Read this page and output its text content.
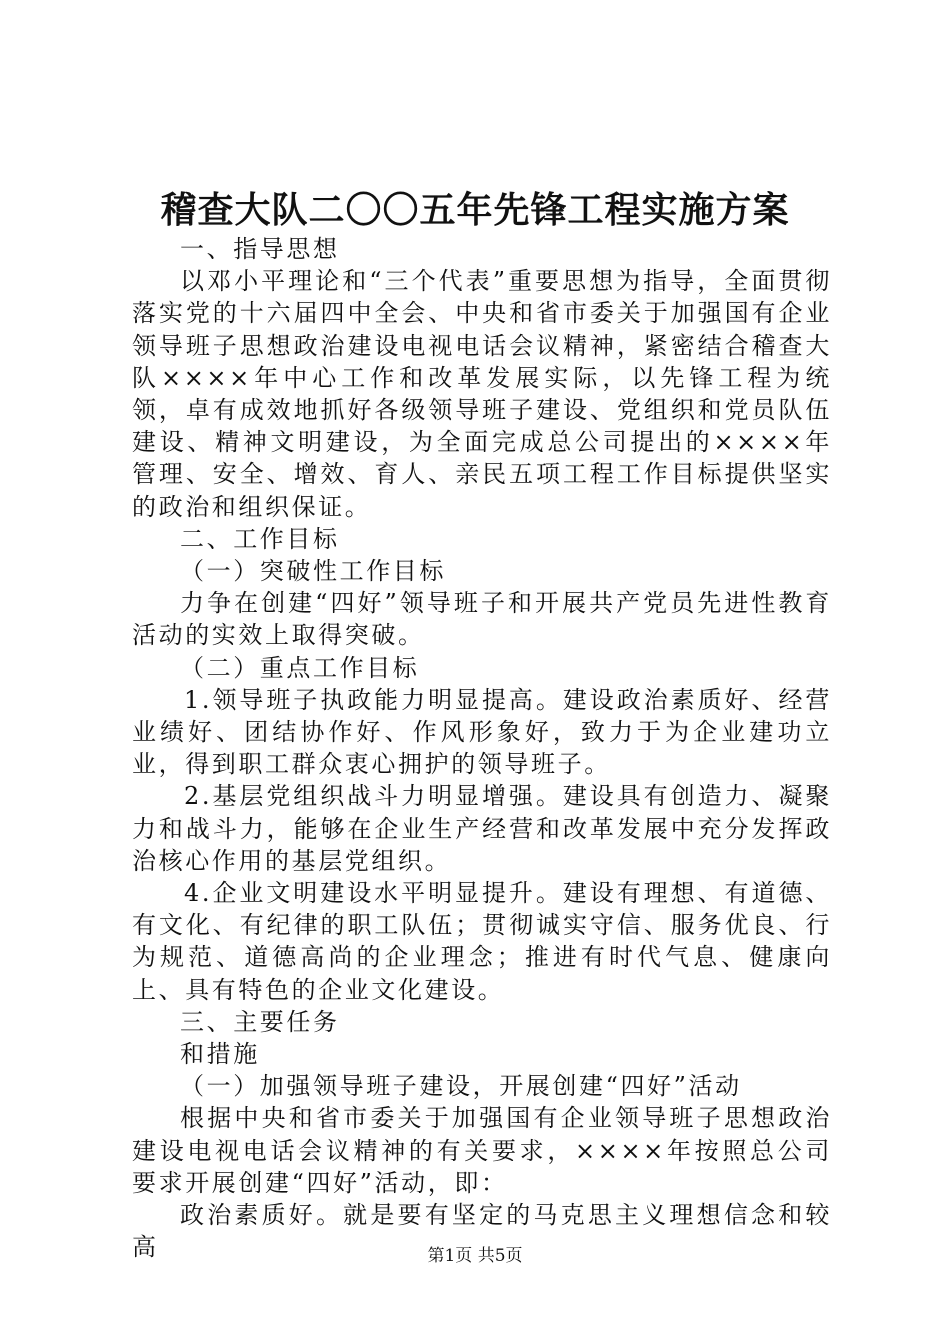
稽查大队二〇〇五年先锋工程实施方案

一、指导思想

以邓小平理论和“三个代表”重要思想为指导，全面贯彻落实党的十六届四中全会、中央和省市委关于加强国有企业领导班子思想政治建设电视电话会议精神，紧密结合稽查大队××××年中心工作和改革发展实际，以先锋工程为统领，卓有成效地抓好各级领导班子建设、党组织和党员队伍建设、精神文明建设，为全面完成总公司提出的××××年管理、安全、增效、育人、亲民五项工程工作目标提供坚实的政治和组织保证。

二、工作目标

（一）突破性工作目标

力争在创建“四好”领导班子和开展共产党员先进性教育活动的实效上取得突破。

（二）重点工作目标

1.领导班子执政能力明显提高。建设政治素质好、经营业绩好、团结协作好、作风形象好，致力于为企业建功立业，得到职工群众衷心拥护的领导班子。

2.基层党组织战斗力明显增强。建设具有创造力、凝聚力和战斗力，能够在企业生产经营和改革发展中充分发挥政治核心作用的基层党组织。

4.企业文明建设水平明显提升。建设有理想、有道德、有文化、有纪律的职工队伍；贯彻诚实守信、服务优良、行为规范、道德高尚的企业理念；推进有时代气息、健康向上、具有特色的企业文化建设。

三、主要任务

和措施

（一）加强领导班子建设，开展创建“四好”活动

根据中央和省市委关于加强国有企业领导班子思想政治建设电视电话会议精神的有关要求，××××年按照总公司要求开展创建“四好”活动，即：

政治素质好。就是要有坚定的马克思主义理想信念和较高	第1页 共5页
